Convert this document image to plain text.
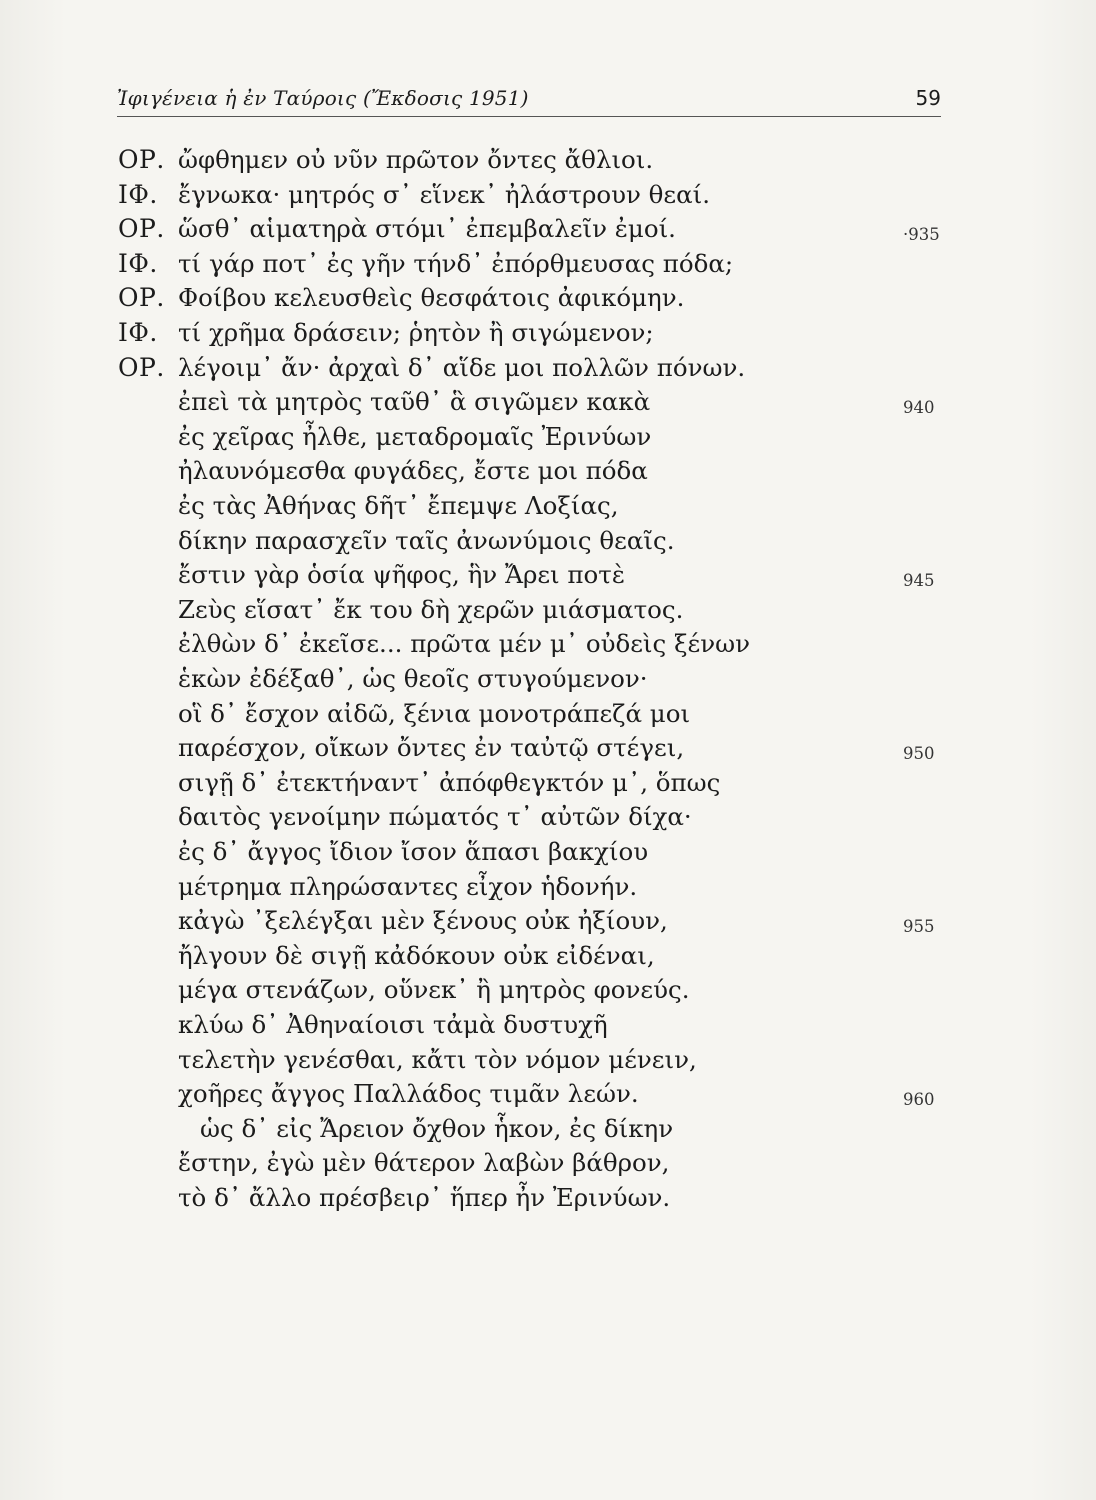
Ἰφιγένεια ἡ ἐν Ταύροις (Ἔκδοσις 1951)	59
ΟΡ. ὤφθημεν οὐ νῦν πρῶτον ὄντες ἄθλιοι.
ΙΦ. ἔγνωκα· μητρός σ᾿ εἵνεκ᾿ ἠλάστρουν θεαί.
ΟΡ. ὥσθ᾿ αἱματηρὰ στόμι᾿ ἐπεμβαλεῖν ἐμοί.	·935
ΙΦ. τί γάρ ποτ᾿ ἐς γῆν τήνδ᾿ ἐπόρθμευσας πόδα;
ΟΡ. Φοίβου κελευσθεὶς θεσφάτοις ἀφικόμην.
ΙΦ. τί χρῆμα δράσειν; ῥητὸν ἢ σιγώμενον;
ΟΡ. λέγοιμ᾿ ἄν· ἀρχαὶ δ᾿ αἵδε μοι πολλῶν πόνων.
ἐπεὶ τὰ μητρὸς ταῦθ᾿ ἃ σιγῶμεν κακὰ	940
ἐς χεῖρας ἦλθε, μεταδρομαῖς Ἐρινύων
ἠλαυνόμεσθα φυγάδες, ἔστε μοι πόδα
ἐς τὰς Ἀθήνας δῆτ᾿ ἔπεμψε Λοξίας,
δίκην παρασχεῖν ταῖς ἀνωνύμοις θεαῖς.
ἔστιν γὰρ ὁσία ψῆφος, ἣν Ἄρει ποτὲ	945
Ζεὺς εἵσατ᾿ ἔκ του δὴ χερῶν μιάσματος.
ἐλθὼν δ᾿ ἐκεῖσε... πρῶτα μέν μ᾿ οὐδεὶς ξένων
ἑκὼν ἐδέξαθ᾿, ὡς θεοῖς στυγούμενον·
οἳ δ᾿ ἔσχον αἰδῶ, ξένια μονοτράπεζά μοι
παρέσχον, οἴκων ὄντες ἐν ταὐτῷ στέγει,	950
σιγῇ δ᾿ ἐτεκτήναντ᾿ ἀπόφθεγκτόν μ᾿, ὅπως
δαιτὸς γενοίμην πώματός τ᾿ αὐτῶν δίχα·
ἐς δ᾿ ἄγγος ἴδιον ἴσον ἅπασι βακχίου
μέτρημα πληρώσαντες εἶχον ἡδονήν.
κἀγὼ ᾿ξελέγξαι μὲν ξένους οὐκ ἠξίουν,	955
ἤλγουν δὲ σιγῇ κἀδόκουν οὐκ εἰδέναι,
μέγα στενάζων, οὕνεκ᾿ ἢ μητρὸς φονεύς.
κλύω δ᾿ Ἀθηναίοισι τἀμὰ δυστυχῆ
τελετὴν γενέσθαι, κἄτι τὸν νόμον μένειν,
χοῆρες ἄγγος Παλλάδος τιμᾶν λεών.	960
ὡς δ᾿ εἰς Ἄρειον ὄχθον ἧκον, ἐς δίκην
ἔστην, ἐγὼ μὲν θάτερον λαβὼν βάθρον,
τὸ δ᾿ ἄλλο πρέσβειρ᾿ ἥπερ ἦν Ἐρινύων.
